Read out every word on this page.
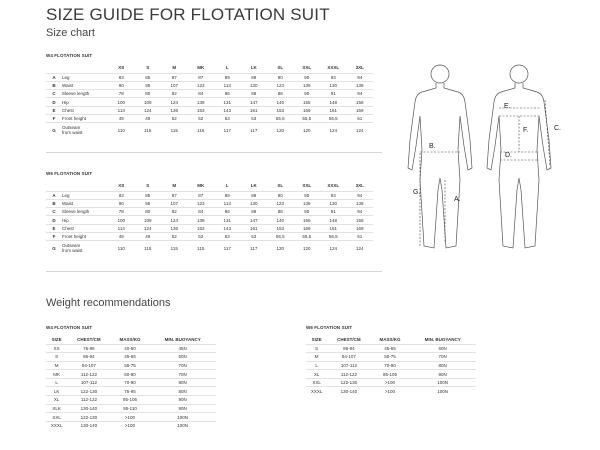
SIZE GUIDE FOR FLOTATION SUIT
Size chart
W4 FLOTATION SUIT
		XS	S	M	MK	L	LK	XL	XXL	XXXL	3XL
A	Leg	83	85	87	87	89	89	90	90	93	94
B	Waist	90	95	107	123	113	130	123	139	130	139
C	Sleeve length	78	80	82	84	86	88	88	90	91	94
D	Hip	100	109	124	139	131	147	140	155	148	156
E	Chest	114	124	136	153	143	161	153	169	161	169
F	Front height	49	49	52	52	53	53	55,5	55,5	56,5	61
G	Outseam
from waist	110	115	115	115	117	117	120	120	124	124
W6 FLOTATION SUIT
		XS	S	M	MK	L	LK	XL	XXL	XXXL	3XL
A	Leg	83	85	87	87	89	89	90	90	93	94
B	Waist	90	95	107	123	113	130	123	139	130	139
C	Sleeve length	78	80	82	84	86	88	88	90	91	94
D	Hip	100	109	124	139	131	147	140	155	148	156
E	Chest	114	124	136	153	143	161	153	169	161	169
F	Front height	49	49	52	52	53	53	55,5	55,5	56,5	61
G	Outseam
from waist	110	115	115	115	117	117	120	120	124	124
Weight recommendations
W4 FLOTATION SUIT
SIZE	CHEST/CM	MASS/KG	MIN. BUOYANCY
XS	76-86	40-60	45N
S	86-94	45-65	60N
M	94-107	55-75	70N
MK	112-122	60-80	70N
L	107-112	70-90	80N
LK	122-130	75-95	80N
XL	112-122	85-105	90N
XLK	130-140	95-110	90N
XXL	122-130	>100	100N
XXXL	130-140	>100	100N
W6 FLOTATION SUIT
SIZE	CHEST/CM	MASS/KG	MIN. BUOYANCY
S	86-94	45-65	60N
M	94-107	55-75	70N
L	107-112	70-90	80N
XL	112-122	85-105	90N
XXL	122-130	>100	100N
XXXL	130-140	>100	100N
B.
G.
A.
E.
F.
D.
C.
